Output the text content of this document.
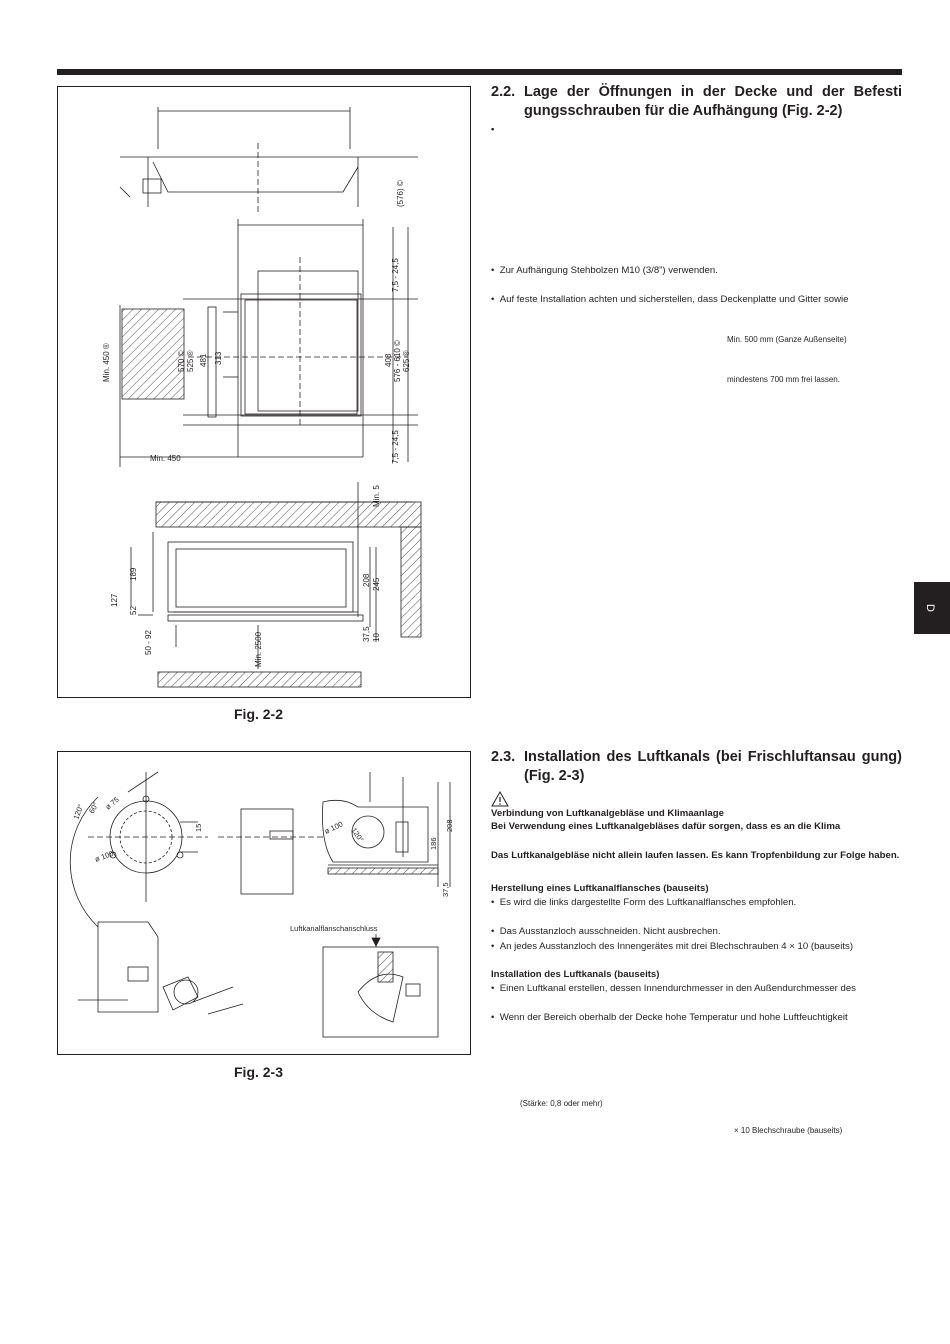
(576) ©
7,5 - 24,5
7,5 - 24,5
Min. 450 ®
Min. 450
570 © 525 ® 481 313	408 576 - 610 © 625 ®
Min. 5
189
127
52
50 - 92
208 245
37,5 10
Min. 2500
Fig. 2-2
120° 60° ø 75
ø 100
15	ø 100 120°	186
208
37,5
Luftkanalflanschanschluss
Fig. 2-3
2.2. Lage der Öffnungen in der Decke und der Befesti gungsschrauben für die Aufhängung (Fig. 2-2)
•
•  Zur Aufhängung Stehbolzen M10 (3/8”) verwenden.
•  Auf feste Installation achten und sicherstellen, dass Deckenplatte und Gitter sowie
Min. 500 mm (Ganze Außenseite)
mindestens 700 mm frei lassen.
2.3. Installation des Luftkanals (bei Frischluftansau gung) (Fig. 2-3)
Verbindung von Luftkanalgebläse und Klimaanlage
Bei Verwendung eines Luftkanalgebläses dafür sorgen, dass es an die Klima
Das Luftkanalgebläse nicht allein laufen lassen. Es kann Tropfenbildung zur Folge haben.
Herstellung eines Luftkanalflansches (bauseits)
•  Es wird die links dargestellte Form des Luftkanalflansches empfohlen.
•  Das Ausstanzloch ausschneiden. Nicht ausbrechen.
•  An jedes Ausstanzloch des Innengerätes mit drei Blechschrauben 4 × 10 (bauseits)
Installation des Luftkanals (bauseits)
•  Einen Luftkanal erstellen, dessen Innendurchmesser in den Außendurchmesser des
•  Wenn der Bereich oberhalb der Decke hohe Temperatur und hohe Luftfeuchtigkeit
(Stärke: 0,8 oder mehr)
× 10 Blechschraube (bauseits)
D
